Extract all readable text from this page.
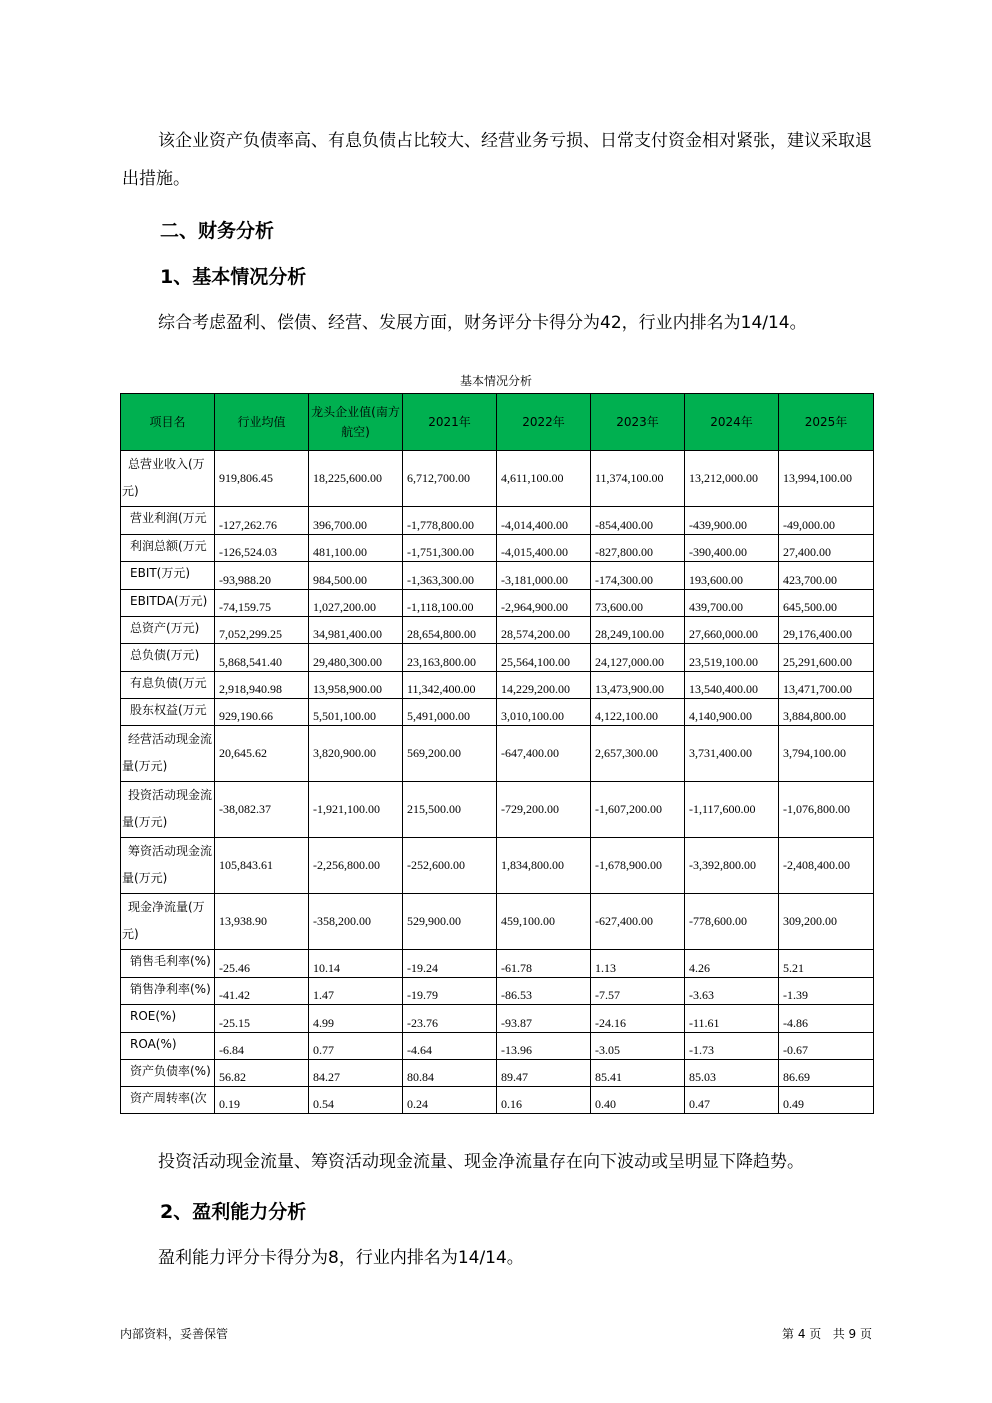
该企业资产负债率高、有息负债占比较大、经营业务亏损、日常支付资金相对紧张，建议采取退出措施。

二、财务分析
1、基本情况分析

综合考虑盈利、偿债、经营、发展方面，财务评分卡得分为42，行业内排名为14/14。

基本情况分析
项目名	行业均值	龙头企业值(南方航空)	2021年	2022年	2023年	2024年	2025年
总营业收入(万元)	919,806.45	18,225,600.00	6,712,700.00	4,611,100.00	11,374,100.00	13,212,000.00	13,994,100.00
营业利润(万元	-127,262.76	396,700.00	-1,778,800.00	-4,014,400.00	-854,400.00	-439,900.00	-49,000.00
利润总额(万元	-126,524.03	481,100.00	-1,751,300.00	-4,015,400.00	-827,800.00	-390,400.00	27,400.00
EBIT(万元)	-93,988.20	984,500.00	-1,363,300.00	-3,181,000.00	-174,300.00	193,600.00	423,700.00
EBITDA(万元)	-74,159.75	1,027,200.00	-1,118,100.00	-2,964,900.00	73,600.00	439,700.00	645,500.00
总资产(万元)	7,052,299.25	34,981,400.00	28,654,800.00	28,574,200.00	28,249,100.00	27,660,000.00	29,176,400.00
总负债(万元)	5,868,541.40	29,480,300.00	23,163,800.00	25,564,100.00	24,127,000.00	23,519,100.00	25,291,600.00
有息负债(万元	2,918,940.98	13,958,900.00	11,342,400.00	14,229,200.00	13,473,900.00	13,540,400.00	13,471,700.00
股东权益(万元	929,190.66	5,501,100.00	5,491,000.00	3,010,100.00	4,122,100.00	4,140,900.00	3,884,800.00
经营活动现金流量(万元)	20,645.62	3,820,900.00	569,200.00	-647,400.00	2,657,300.00	3,731,400.00	3,794,100.00
投资活动现金流量(万元)	-38,082.37	-1,921,100.00	215,500.00	-729,200.00	-1,607,200.00	-1,117,600.00	-1,076,800.00
筹资活动现金流量(万元)	105,843.61	-2,256,800.00	-252,600.00	1,834,800.00	-1,678,900.00	-3,392,800.00	-2,408,400.00
现金净流量(万元)	13,938.90	-358,200.00	529,900.00	459,100.00	-627,400.00	-778,600.00	309,200.00
销售毛利率(%)	-25.46	10.14	-19.24	-61.78	1.13	4.26	5.21
销售净利率(%)	-41.42	1.47	-19.79	-86.53	-7.57	-3.63	-1.39
ROE(%)	-25.15	4.99	-23.76	-93.87	-24.16	-11.61	-4.86
ROA(%)	-6.84	0.77	-4.64	-13.96	-3.05	-1.73	-0.67
资产负债率(%)	56.82	84.27	80.84	89.47	85.41	85.03	86.69
资产周转率(次	0.19	0.54	0.24	0.16	0.40	0.47	0.49

投资活动现金流量、筹资活动现金流量、现金净流量存在向下波动或呈明显下降趋势。

2、盈利能力分析

盈利能力评分卡得分为8，行业内排名为14/14。

内部资料，妥善保管	第 4 页   共 9 页
